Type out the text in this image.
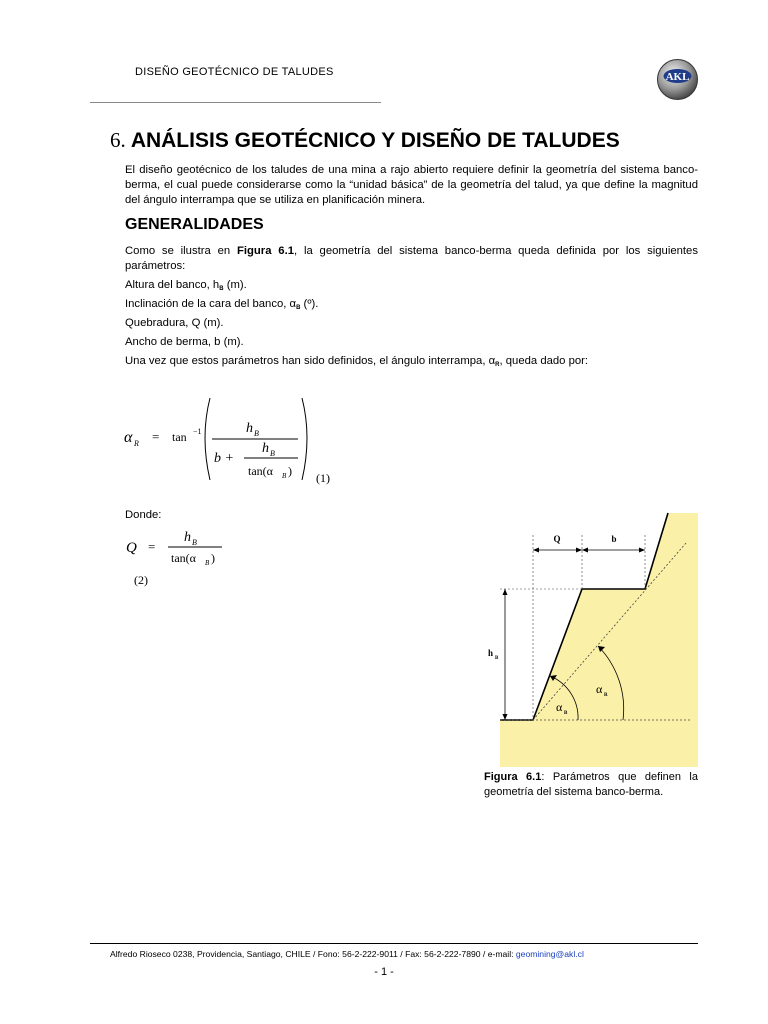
DISEÑO GEOTÉCNICO DE TALUDES	AKL
6. ANÁLISIS GEOTÉCNICO Y DISEÑO DE TALUDES
El diseño geotécnico de los taludes de una mina a rajo abierto requiere definir la geometría del sistema banco-berma, el cual puede considerarse como la “unidad básica” de la geometría del talud, ya que define la magnitud del ángulo interrampa que se utiliza en planificación minera.
GENERALIDADES
Como se ilustra en Figura 6.1, la geometría del sistema banco-berma queda definida por los siguientes parámetros:
Altura del banco, hB (m).
Inclinación de la cara del banco, αB (º).
Quebradura, Q (m).
Ancho de berma, b (m).
Una vez que estos parámetros han sido definidos, el ángulo interrampa, αR, queda dado por:
α R = tan −1	h B
b +
h B
tan(α B ) (1)
Donde:
Q =
h B
tan(α B )
(2)
Q	b
h
B
α B
α R
Figura 6.1: Parámetros que definen la geometría del sistema banco-berma.
Alfredo Rioseco 0238, Providencia, Santiago, CHILE / Fono: 56-2-222-9011 / Fax: 56-2-222-7890 / e-mail: geomining@akl.cl
- 1 -
